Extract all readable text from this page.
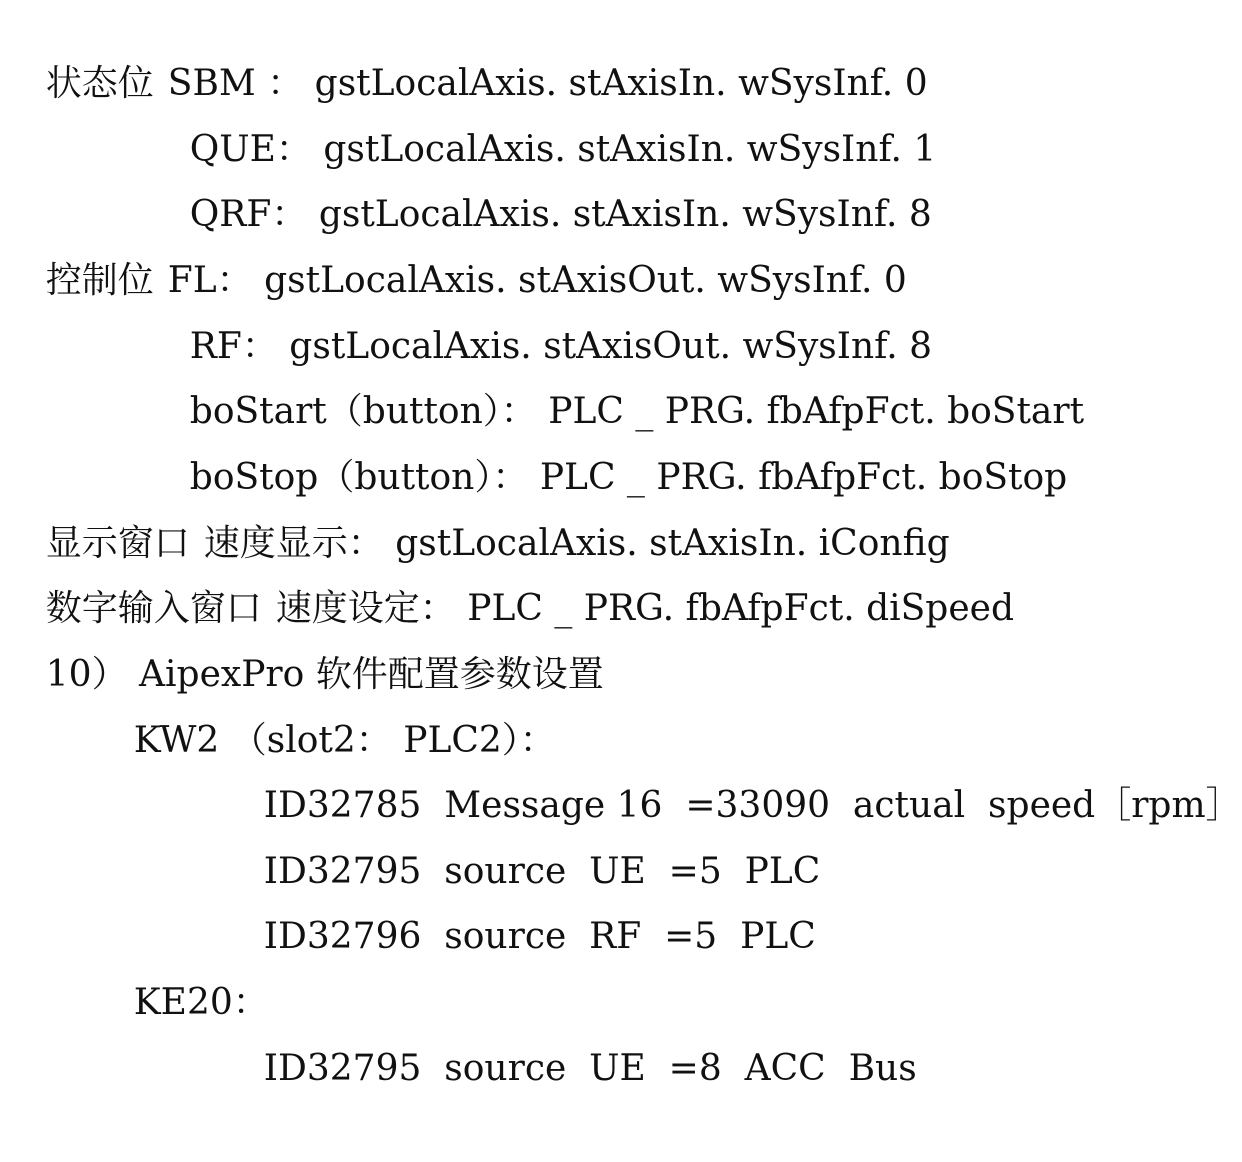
状态位 SBM ： gstLocalAxis. stAxisIn. wSysInf. 0

QUE： gstLocalAxis. stAxisIn. wSysInf. 1

QRF： gstLocalAxis. stAxisIn. wSysInf. 8

控制位 FL： gstLocalAxis. stAxisOut. wSysInf. 0

RF： gstLocalAxis. stAxisOut. wSysInf. 8

boStart（button）： PLC _ PRG. fbAfpFct. boStart

boStop（button）： PLC _ PRG. fbAfpFct. boStop

显示窗口 速度显示： gstLocalAxis. stAxisIn. iConfig

数字输入窗口 速度设定： PLC _ PRG. fbAfpFct. diSpeed

10） AipexPro 软件配置参数设置

KW2 （slot2： PLC2）：

ID32785  Message 16  =33090  actual  speed［rpm］

ID32795  source  UE  =5  PLC

ID32796  source  RF  =5  PLC

KE20：

ID32795  source  UE  =8  ACC  Bus
